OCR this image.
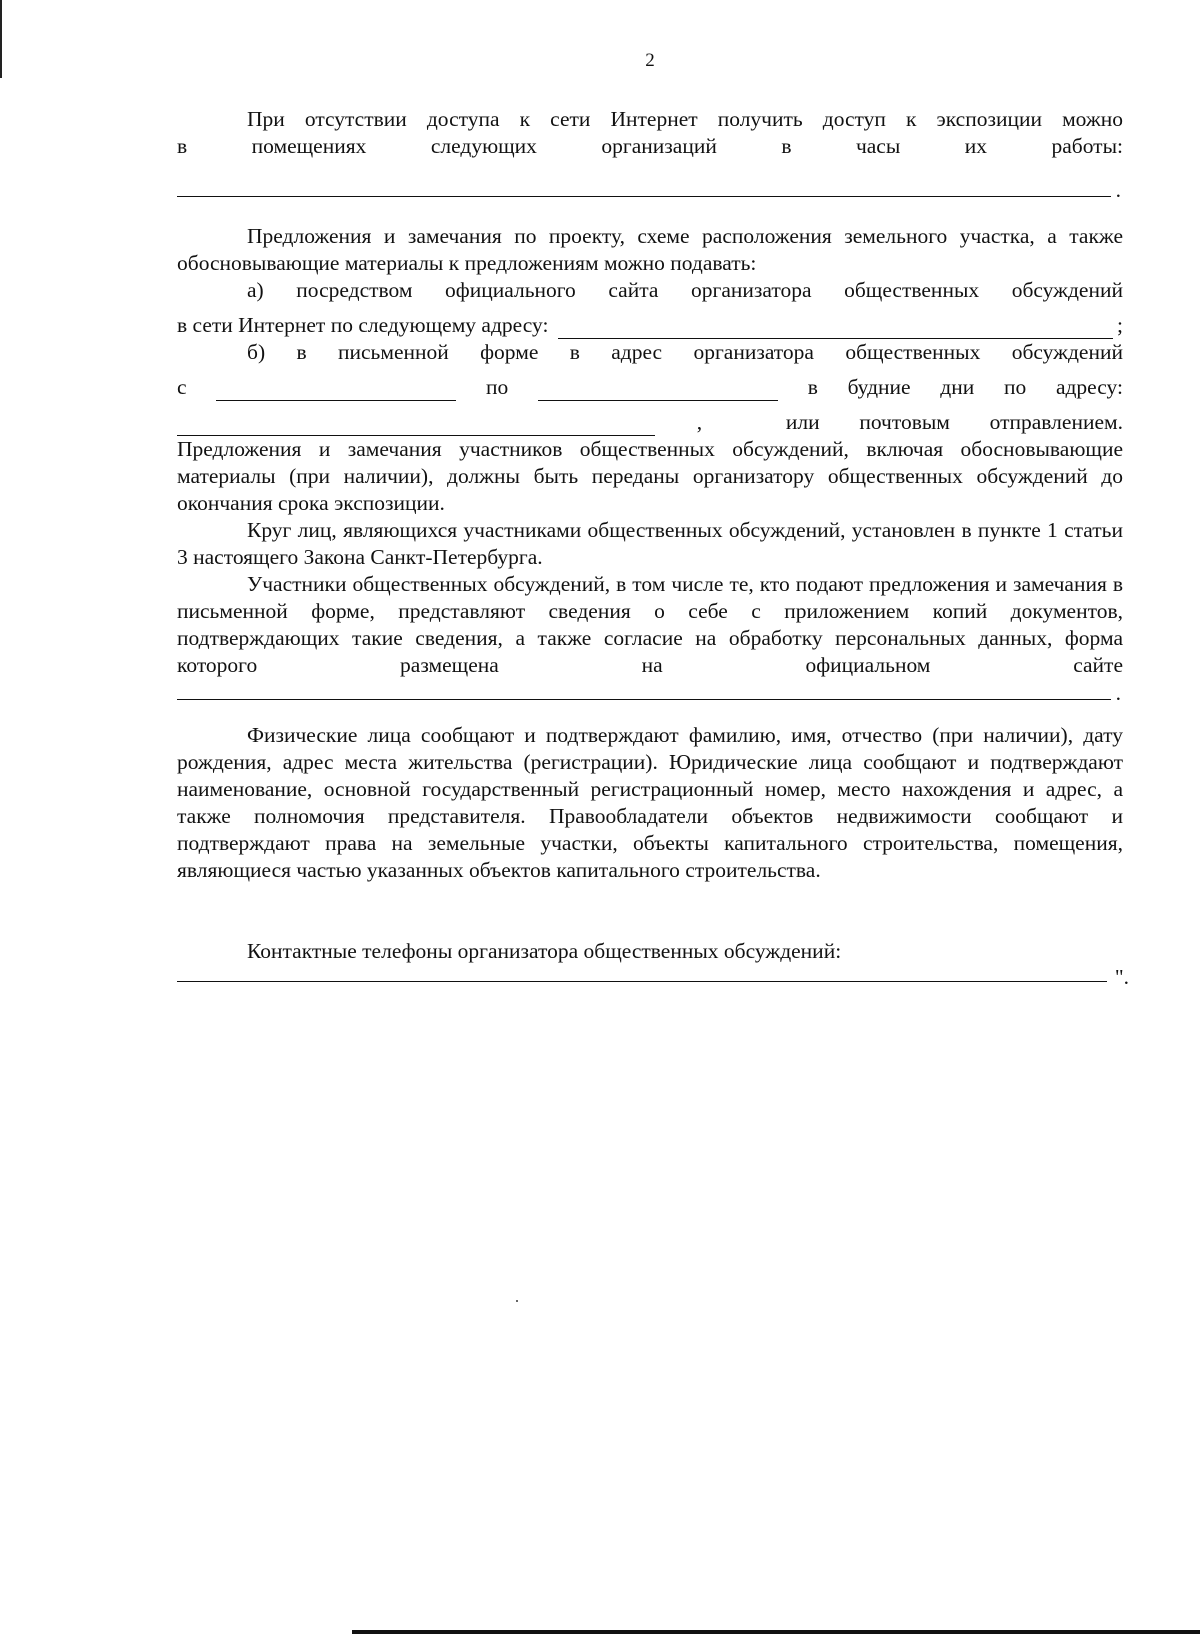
2

При отсутствии доступа к сети Интернет получить доступ к экспозиции можно

в	помещениях	следующих	организаций	в	часы	их	работы:
.

Предложения и замечания по проекту, схеме расположения земельного участка, а также обосновывающие материалы к предложениям можно подавать:

а) посредством официального сайта организатора общественных обсуждений

в сети Интернет по следующему адресу:	;

б) в письменной форме в адрес организатора общественных обсуждений

с	по	в будние дни по адресу:
,	или почтовым отправлением.

Предложения и замечания участников общественных обсуждений, включая обосновывающие материалы (при наличии), должны быть переданы организатору общественных обсуждений до окончания срока экспозиции.

Круг лиц, являющихся участниками общественных обсуждений, установлен в пункте 1 статьи 3 настоящего Закона Санкт-Петербурга.

Участники общественных обсуждений, в том числе те, кто подают предложения и замечания в письменной форме, представляют сведения о себе с приложением копий документов, подтверждающих такие сведения, а также согласие на обработку персональных данных, форма которого размещена на официальном сайте

.

Физические лица сообщают и подтверждают фамилию, имя, отчество (при наличии), дату рождения, адрес места жительства (регистрации). Юридические лица сообщают и подтверждают наименование, основной государственный регистрационный номер, место нахождения и адрес, а также полномочия представителя. Правообладатели объектов недвижимости сообщают и подтверждают права на земельные участки, объекты капитального строительства, помещения, являющиеся частью указанных объектов капитального строительства.

Контактные телефоны организатора общественных обсуждений:

".
